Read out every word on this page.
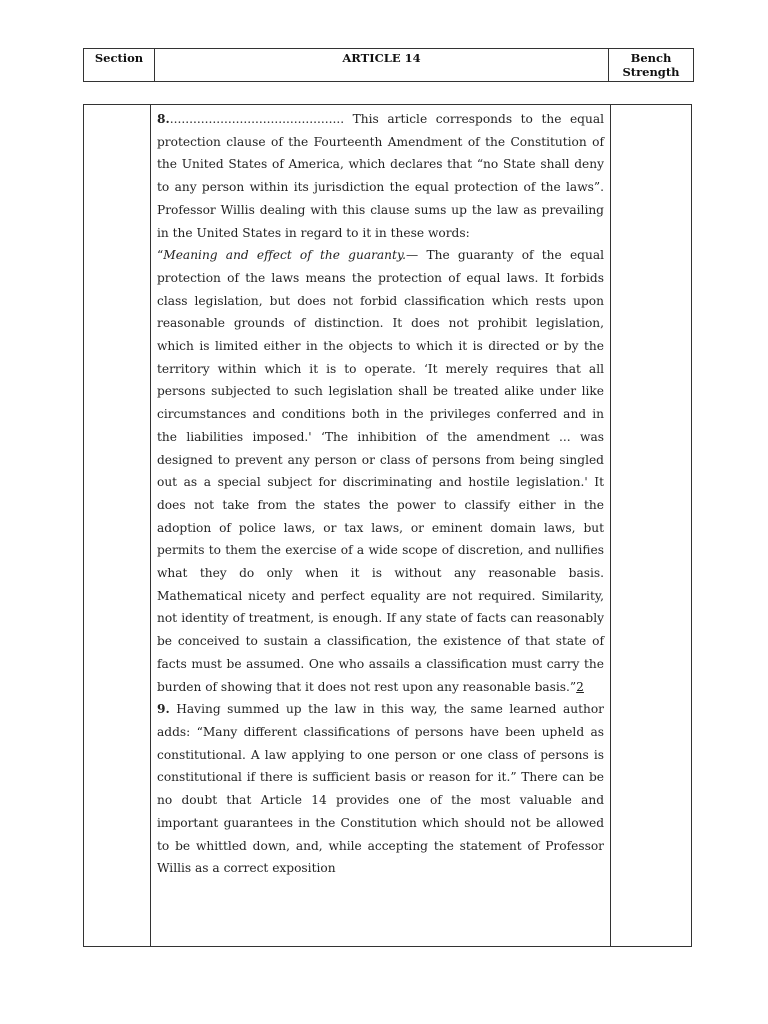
Section	ARTICLE 14	Bench Strength

8.............................................. This article corresponds to the equal protection clause of the Fourteenth Amendment of the Constitution of the United States of America, which declares that “no State shall deny to any person within its jurisdiction the equal protection of the laws”. Professor Willis dealing with this clause sums up the law as prevailing in the United States in regard to it in these words:

“Meaning and effect of the guaranty.— The guaranty of the equal protection of the laws means the protection of equal laws. It forbids class legislation, but does not forbid classification which rests upon reasonable grounds of distinction. It does not prohibit legislation, which is limited either in the objects to which it is directed or by the territory within which it is to operate. ‘It merely requires that all persons subjected to such legislation shall be treated alike under like circumstances and conditions both in the privileges conferred and in the liabilities imposed.' ‘The inhibition of the amendment ... was designed to prevent any person or class of persons from being singled out as a special subject for discriminating and hostile legislation.' It does not take from the states the power to classify either in the adoption of police laws, or tax laws, or eminent domain laws, but permits to them the exercise of a wide scope of discretion, and nullifies what they do only when it is without any reasonable basis. Mathematical nicety and perfect equality are not required. Similarity, not identity of treatment, is enough. If any state of facts can reasonably be conceived to sustain a classification, the existence of that state of facts must be assumed. One who assails a classification must carry the burden of showing that it does not rest upon any reasonable basis.”2

9. Having summed up the law in this way, the same learned author adds: “Many different classifications of persons have been upheld as constitutional. A law applying to one person or one class of persons is constitutional if there is sufficient basis or reason for it.” There can be no doubt that Article 14 provides one of the most valuable and important guarantees in the Constitution which should not be allowed to be whittled down, and, while accepting the statement of Professor Willis as a correct exposition
